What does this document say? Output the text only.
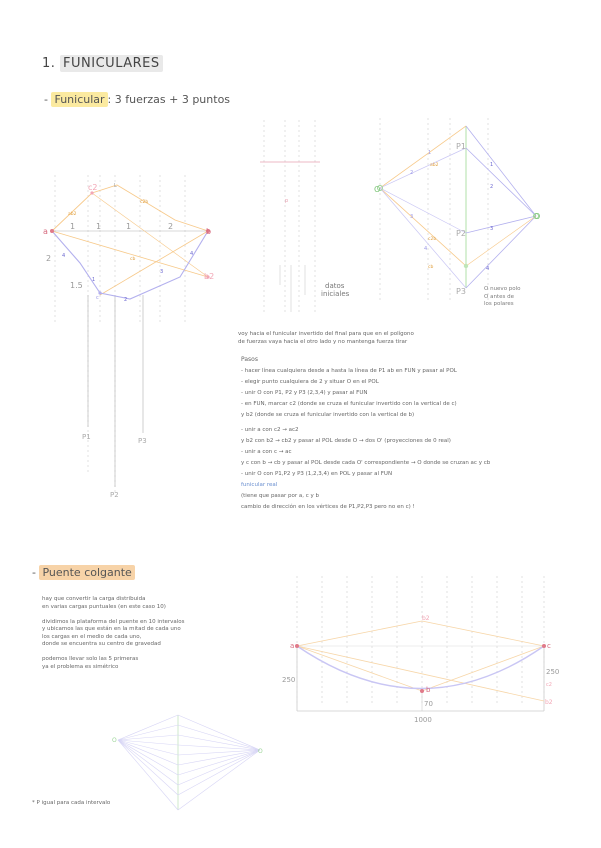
1. FUNICULARES
- Funicular : 3 fuerzas + 3 puntos
a	b
b2
c2	L
c
1	1	1	2
2
1.5
4
1
2
3
4
ab2
c2b
cb
P1
P2
P3
p
datos
iniciales
O
O
P1
P2
P3
ab2
c2b
cb
1
2
3
4
1
2
3
4
O nuevo polo
O antes de
los polares
voy hacia el funicular invertido del final para que en el polígono
de fuerzas vaya hacia el otro lado y no mantenga fuerza tirar
Pasos
- hacer línea cualquiera desde a hasta la línea de P1 ab en FUN y pasar al POL
- elegir punto cualquiera de 2 y situar O en el POL
- unir O con P1, P2 y P3 (2,3,4) y pasar al FUN
- en FUN, marcar c2 (donde se cruza el funicular invertido con la vertical de c)
y b2 (donde se cruza el funicular invertido con la vertical de b)
- unir a con c2 → ac2
y b2 con b2 → cb2 y pasar al POL desde O → dos O' (proyecciones de 0 real)
- unir a con c → ac
y c con b → cb y pasar al POL desde cada O' correspondiente → O donde se cruzan ac y cb
- unir O con P1,P2 y P3 (1,2,3,4) en POL y pasar al FUN
funicular real
(tiene que pasar por a, c y b
cambio de dirección en los vértices de P1,P2,P3 pero no en c) !
- Puente colgante
hay que convertir la carga distribuida
en varias cargas puntuales (en este caso 10)

dividimos la plataforma del puente en 10 intervalos
y ubicamos las que están en la mitad de cada uno
los cargas en el medio de cada uno,
donde se encuentra su centro de gravedad

podemos llevar solo las 5 primeras
ya el problema es simétrico
O
O
* P igual para cada intervalo
a	c
b
b2
b2
c2
250
250
70
1000
